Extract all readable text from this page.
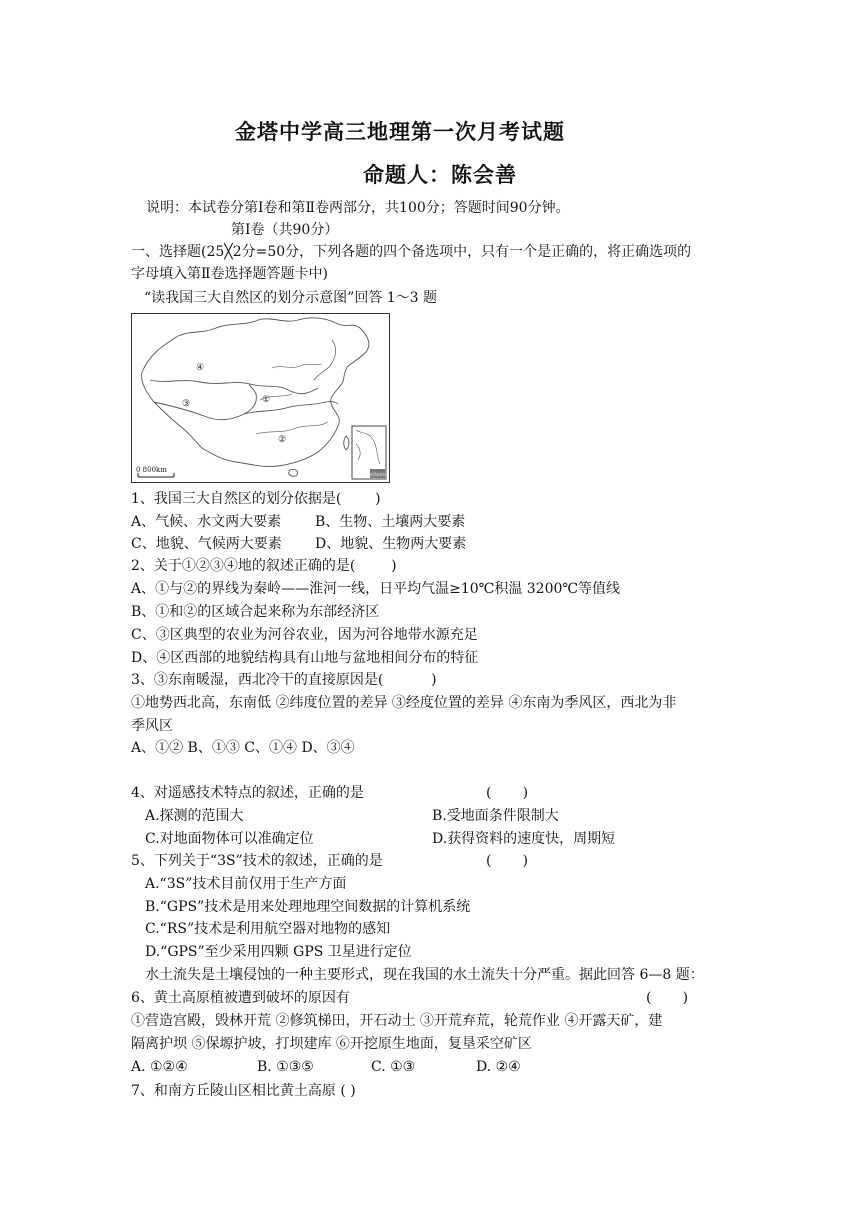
金塔中学高三地理第一次月考试题
命题人：陈会善
说明：本试卷分第Ⅰ卷和第Ⅱ卷两部分，共100分；答题时间90分钟。
第Ⅰ卷（共90分）
一、选择题(25╳2分=50分，下列各题的四个备选项中，只有一个是正确的，将正确选项的
字母填入第Ⅱ卷选择题答题卡中)
“读我国三大自然区的划分示意图”回答 1～3 题
④
③	①
②
0 800km
南海诸岛
1、我国三大自然区的划分依据是( )
A、气候、水文两大要素 B、生物、土壤两大要素
C、地貌、气候两大要素 D、地貌、生物两大要素
2、关于①②③④地的叙述正确的是( )
A、①与②的界线为秦岭——淮河一线，日平均气温≥10℃积温 3200℃等值线
B、①和②的区域合起来称为东部经济区
C、③区典型的农业为河谷农业，因为河谷地带水源充足
D、④区西部的地貌结构具有山地与盆地相间分布的特征
3、③东南暖湿，西北冷干的直接原因是( )
①地势西北高，东南低 ②纬度位置的差异 ③经度位置的差异 ④东南为季风区，西北为非
季风区
A、①② B、①③ C、①④ D、③④
4、对遥感技术特点的叙述，正确的是	(       )
A.探测的范围大	B.受地面条件限制大
C.对地面物体可以准确定位	D.获得资料的速度快，周期短
5、下列关于“3S”技术的叙述，正确的是	(       )
A.“3S”技术目前仅用于生产方面
B.“GPS”技术是用来处理地理空间数据的计算机系统
C.“RS”技术是利用航空器对地物的感知
D.“GPS”至少采用四颗 GPS 卫星进行定位
水土流失是土壤侵蚀的一种主要形式，现在我国的水土流失十分严重。据此回答 6—8 题：
6、黄土高原植被遭到破坏的原因有	(       )
①营造宫殿，毁林开荒 ②修筑梯田，开石动土 ③开荒弃荒，轮荒作业 ④开露天矿，建
隔离护坝 ⑤保塬护坡，打坝建库 ⑥开挖原生地面，复垦采空矿区
A. ①②④	B. ①③⑤	C. ①③	D. ②④
7、和南方丘陵山区相比黄土高原 ( )
